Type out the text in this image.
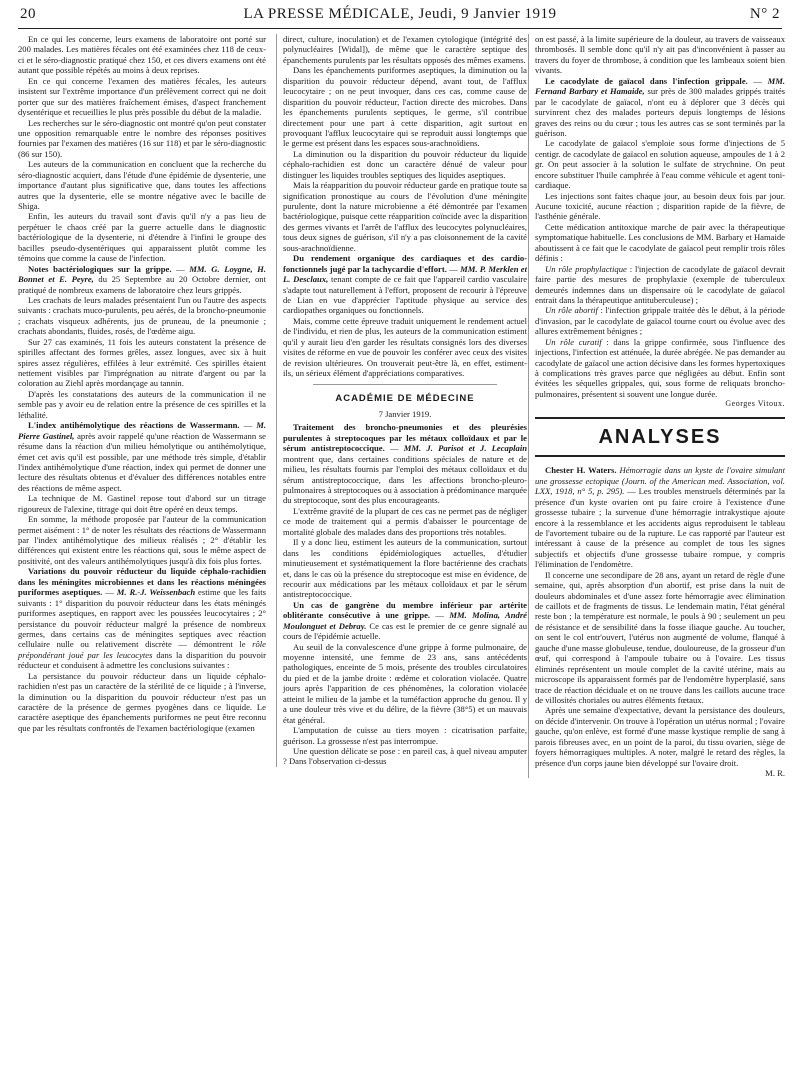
20	LA PRESSE MÉDICALE, Jeudi, 9 Janvier 1919	N° 2

En ce qui les concerne, leurs examens de laboratoire ont porté sur 200 malades. Les matières fécales ont été examinées chez 118 de ceux-ci et le séro-diagnostic pratiqué chez 150, et ces divers examens ont été autant que possible répétés au moins à deux reprises.

En ce qui concerne l'examen des matières fécales, les auteurs insistent sur l'extrême importance d'un prélèvement correct qui ne doit porter que sur des matières fraîchement émises, d'aspect franchement dysentérique et recueillies le plus près possible du début de la maladie.

Les recherches sur le séro-diagnostic ont montré qu'on peut constater une opposition remarquable entre le nombre des réponses positives fournies par l'examen des matières (16 sur 118) et par le séro-diagnostic (86 sur 150).

Les auteurs de la communication en concluent que la recherche du séro-diagnostic acquiert, dans l'étude d'une épidémie de dysenterie, une importance d'autant plus significative que, dans toutes les affections autres que la dysenterie, elle se montre négative avec le bacille de Shiga.

Enfin, les auteurs du travail sont d'avis qu'il n'y a pas lieu de perpétuer le chaos créé par la guerre actuelle dans le diagnostic bactériologique de la dysenterie, ni d'étendre à l'infini le groupe des bacilles pseudo-dysentériques qui apparaissent plutôt comme les témoins que comme la cause de l'infection.

Notes bactériologiques sur la grippe. — MM. G. Loygne, H. Bonnet et E. Peyre, du 25 Septembre au 20 Octobre dernier, ont pratiqué de nombreux examens de laboratoire chez leurs grippés.

Les crachats de leurs malades présentaient l'un ou l'autre des aspects suivants : crachats muco-purulents, peu aérés, de la broncho-pneumonie ; crachats visqueux adhérents, jus de pruneau, de la pneumonie ; crachats abondants, fluides, rosés, de l'œdème aigu.

Sur 27 cas examinés, 11 fois les auteurs constatent la présence de spirilles affectant des formes grêles, assez longues, avec six à huit spires assez régulières, effilées à leur extrémité. Ces spirilles étaient nettement visibles par l'imprégnation au nitrate d'argent ou par la coloration au Ziehl après mordançage au tannin.

D'après les constatations des auteurs de la communication il ne semble pas y avoir eu de relation entre la présence de ces spirilles et la léthalité.

L'index antihémolytique des réactions de Wassermann. — M. Pierre Gastinel, après avoir rappelé qu'une réaction de Wassermann se résume dans la réaction d'un milieu hémolytique ou antihémolytique, émet cet avis qu'il est possible, par une méthode très simple, d'établir l'index antihémolytique d'une réaction, index qui permet de donner une lecture des résultats obtenus et d'évaluer des différences notables entre des réactions de même aspect.

La technique de M. Gastinel repose tout d'abord sur un titrage rigoureux de l'alexine, titrage qui doit être opéré en deux temps.

En somme, la méthode proposée par l'auteur de la communication permet aisément : 1° de noter les résultats des réactions de Wassermann par l'index antihémolytique des milieux réalisés ; 2° d'établir les différences qui existent entre les réactions qui, sous le même aspect de positivité, ont des valeurs antihémolytiques jusqu'à dix fois plus fortes.

Variations du pouvoir réducteur du liquide céphalo-rachidien dans les méningites microbiennes et dans les réactions méningées puriformes aseptiques. — M. R.-J. Weissenbach estime que les faits suivants : 1° disparition du pouvoir réducteur dans les états méningés puriformes aseptiques, en rapport avec les poussées leucocytaires ; 2° persistance du pouvoir réducteur malgré la présence de nombreux germes, dans certains cas de méningites septiques avec réaction cellulaire nulle ou relativement discrète — démontrent le rôle prépondérant joué par les leucocytes dans la disparition du pouvoir réducteur et conduisent à admettre les conclusions suivantes :

La persistance du pouvoir réducteur dans un liquide céphalo-rachidien n'est pas un caractère de la stérilité de ce liquide ; à l'inverse, la diminution ou la disparition du pouvoir réducteur n'est pas un caractère de la présence de germes pyogènes dans ce liquide. Le caractère aseptique des épanchements puriformes ne peut être reconnu que par les résultats confrontés de l'examen bactériologique (examen

direct, culture, inoculation) et de l'examen cytologique (intégrité des polynucléaires [Widal]), de même que le caractère septique des épanchements purulents par les résultats opposés des mêmes examens.

Dans les épanchements puriformes aseptiques, la diminution ou la disparition du pouvoir réducteur dépend, avant tout, de l'afflux leucocytaire ; on ne peut invoquer, dans ces cas, comme cause de disparition du pouvoir réducteur, l'action directe des microbes. Dans les épanchements purulents septiques, le germe, s'il contribue directement pour une part à cette disparition, agit surtout en provoquant l'afflux leucocytaire qui se reproduit aussi longtemps que le germe est présent dans les espaces sous-arachnoïdiens.

La diminution ou la disparition du pouvoir réducteur du liquide céphalo-rachidien est donc un caractère dénué de valeur pour distinguer les liquides troubles septiques des liquides aseptiques.

Mais la réapparition du pouvoir réducteur garde en pratique toute sa signification pronostique au cours de l'évolution d'une méningite purulente, dont la nature microbienne a été démontrée par l'examen bactériologique, puisque cette réapparition coïncide avec la disparition des germes vivants et l'arrêt de l'afflux des leucocytes polynucléaires, tous deux signes de guérison, s'il n'y a pas cloisonnement de la cavité sous-arachnoïdienne.

Du rendement organique des cardiaques et des cardio-fonctionnels jugé par la tachycardie d'effort. — MM. P. Merklen et L. Desclaux, tenant compte de ce fait que l'appareil cardio vasculaire s'adapte tout naturellement à l'effort, proposent de recourir à l'épreuve de Lian en vue d'apprécier l'aptitude physique au service des cardiopathes organiques ou fonctionnels.

Mais, comme cette épreuve traduit uniquement le rendement actuel de l'individu, et rien de plus, les auteurs de la communication estiment qu'il y aurait lieu d'en garder les résultats consignés lors des diverses visites de réforme en vue de pouvoir les conférer avec ceux des visites de revision ultérieures. On trouverait peut-être là, en effet, estiment-ils, un sérieux élément d'appréciations comparatives.

ACADÉMIE DE MÉDECINE

7 Janvier 1919.

Traitement des broncho-pneumonies et des pleurésies purulentes à streptocoques par les métaux colloïdaux et par le sérum antistreptococcique. — MM. J. Parisot et J. Lecaplain montrent que, dans certaines conditions spéciales de nature et de milieu, les résultats fournis par l'emploi des métaux colloïdaux et du sérum antistreptococcique, dans les affections broncho-pleuro-pulmonaires à streptocoques ou à association à prédominance marquée du streptocoque, sont des plus encourageants.

L'extrême gravité de la plupart de ces cas ne permet pas de négliger ce mode de traitement qui a permis d'abaisser le pourcentage de mortalité globale des malades dans des proportions très notables.

Il y a donc lieu, estiment les auteurs de la communication, surtout dans les conditions épidémiologiques actuelles, d'étudier minutieusement et systématiquement la flore bactérienne des crachats et, dans le cas où la présence du streptocoque est mise en évidence, de recourir aux médications par les métaux colloïdaux et par le sérum antistreptococcique.

Un cas de gangrène du membre inférieur par artérite oblitérante consécutive à une grippe. — MM. Molina, André Moulonguet et Debray. Ce cas est le premier de ce genre signalé au cours de l'épidémie actuelle.

Au seuil de la convalescence d'une grippe à forme pulmonaire, de moyenne intensité, une femme de 23 ans, sans antécédents pathologiques, enceinte de 5 mois, présente des troubles circulatoires du pied et de la jambe droite : œdème et coloration violacée. Quatre jours après l'apparition de ces phénomènes, la coloration violacée atteint le milieu de la jambe et la tuméfaction approche du genou. Il y a une douleur très vive et du délire, de la fièvre (38°5) et un mauvais état général.

L'amputation de cuisse au tiers moyen : cicatrisation parfaite, guérison. La grossesse n'est pas interrompue.

Une question délicate se pose : en pareil cas, à quel niveau amputer ? Dans l'observation ci-dessus

on est passé, à la limite supérieure de la douleur, au travers de vaisseaux thrombosés. Il semble donc qu'il n'y ait pas d'inconvénient à passer au travers du foyer de thrombose, à condition que les lambeaux soient bien vivants.

Le cacodylate de gaïacol dans l'infection grippale. — MM. Fernand Barbary et Hamaide, sur près de 300 malades grippés traités par le cacodylate de gaïacol, n'ont eu à déplorer que 3 décès qui survinrent chez des malades porteurs depuis longtemps de lésions graves des reins ou du cœur ; tous les autres cas se sont terminés par la guérison.

Le cacodylate de gaïacol s'emploie sous forme d'injections de 5 centigr. de cacodylate de gaïacol en solution aqueuse, ampoules de 1 à 2 gr. On peut associer à la solution le sulfate de strychnine. On peut encore substituer l'huile camphrée à l'eau comme véhicule et agent toni-cardiaque.

Les injections sont faites chaque jour, au besoin deux fois par jour. Aucune toxicité, aucune réaction ; disparition rapide de la fièvre, de l'asthénie générale.

Cette médication antitoxique marche de pair avec la thérapeutique symptomatique habituelle. Les conclusions de MM. Barbary et Hamaide aboutissent à ce fait que le cacodylate de gaïacol peut remplir trois rôles définis :

Un rôle prophylactique : l'injection de cacodylate de gaïacol devrait faire partie des mesures de prophylaxie (exemple de tuberculeux demeurés indemnes dans un dispensaire où le cacodylate de gaïacol entrait dans la thérapeutique antituberculeuse) ;

Un rôle abortif : l'infection grippale traitée dès le début, à la période d'invasion, par le cacodylate de gaïacol tourne court ou évolue avec des allures extrêmement bénignes ;

Un rôle curatif : dans la grippe confirmée, sous l'influence des injections, l'infection est atténuée, la durée abrégée. Ne pas demander au cacodylate de gaïacol une action décisive dans les formes hypertoxiques à complications très graves parce que négligées au début. Enfin sont évitées les séquelles grippales, qui, sous forme de reliquats broncho-pulmonaires, présentent si souvent une longue durée.

Georges Vitoux.

ANALYSES

Chester H. Waters. Hémorragie dans un kyste de l'ovaire simulant une grossesse ectopique (Journ. of the American med. Association, vol. LXX, 1918, n° 5, p. 295). — Les troubles menstruels déterminés par la présence d'un kyste ovarien ont pu faire croire à l'existence d'une grossesse tubaire ; la survenue d'une hémorragie intrakystique ajoute encore à la ressemblance et les accidents aigus reproduisent le tableau de l'avortement tubaire ou de la rupture. Le cas rapporté par l'auteur est intéressant à cause de la présence au complet de tous les signes subjectifs et objectifs d'une grossesse tubaire rompue, y compris l'élimination de l'endomètre.

Il concerne une secondipare de 28 ans, ayant un retard de règle d'une semaine, qui, après absorption d'un abortif, est prise dans la nuit de douleurs abdominales et d'une assez forte hémorragie avec élimination de caillots et de fragments de tissus. Le lendemain matin, l'état général reste bon ; la température est normale, le pouls à 90 ; seulement un peu de résistance et de sensibilité dans la fosse iliaque gauche. Au toucher, on sent le col entr'ouvert, l'utérus non augmenté de volume, flanqué à gauche d'une masse globuleuse, tendue, douloureuse, de la grosseur d'un œuf, qui correspond à l'ampoule tubaire ou à l'ovaire. Les tissus éliminés représentent un moule complet de la cavité utérine, mais au microscope ils apparaissent formés par de l'endomètre hyperplasié, sans trace de réaction déciduale et on ne trouve dans les caillots aucune trace de villosités choriales ou autres éléments fœtaux.

Après une semaine d'expectative, devant la persistance des douleurs, on décide d'intervenir. On trouve à l'opération un utérus normal ; l'ovaire gauche, qu'on enlève, est formé d'une masse kystique remplie de sang à parois fibreuses avec, en un point de la paroi, du tissu ovarien, siège de foyers hémorragiques multiples. A noter, malgré le retard des règles, la présence d'un corps jaune bien développé sur l'ovaire droit.

M. R.
